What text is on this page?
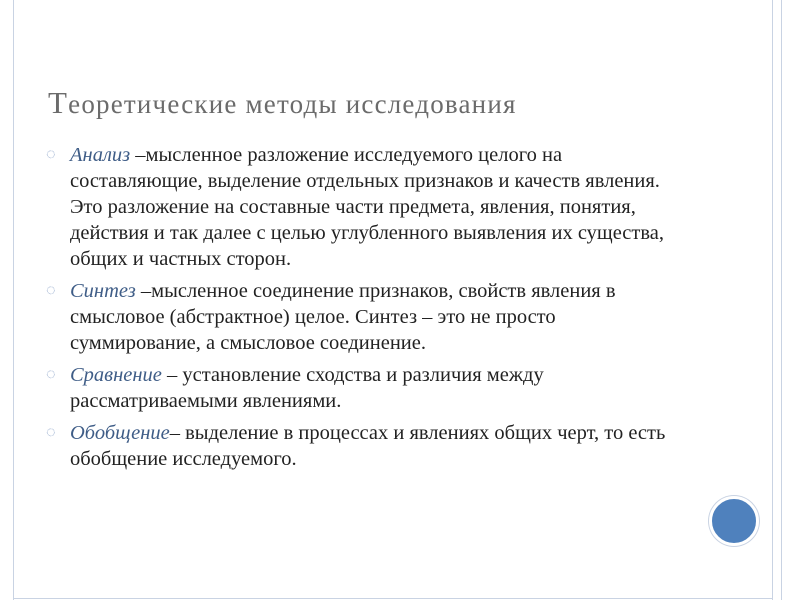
Теоретические методы исследования
◌ Анализ –мысленное разложение исследуемого целого на составляющие, выделение отдельных признаков и качеств явления. Это разложение на составные части предмета, явления, понятия, действия и так далее с целью углубленного выявления их существа, общих и частных сторон.
◌ Синтез –мысленное соединение признаков, свойств явления в смысловое (абстрактное) целое. Синтез – это не просто суммирование, а смысловое соединение.
◌ Сравнение – установление сходства и различия между рассматриваемыми явлениями.
◌ Обобщение– выделение в процессах и явлениях общих черт, то есть обобщение исследуемого.
